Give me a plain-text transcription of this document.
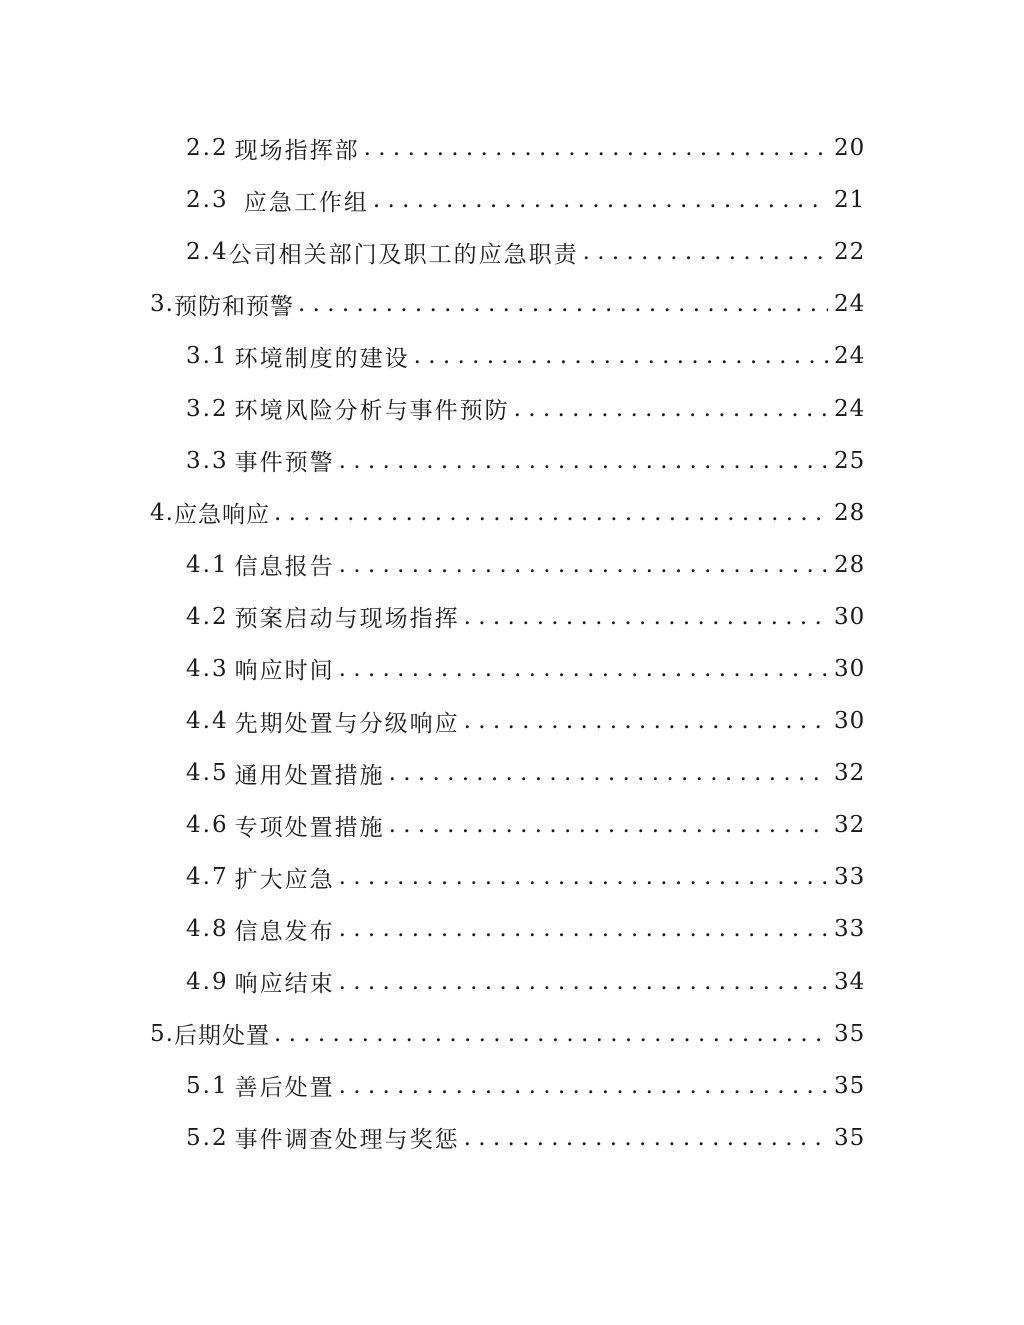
2.2 现场指挥部 . . .	20
2.3 应急工作组 . . .	21
2.4 公司相关部门及职工的应急职责 . . .	22
3. 预防和预警 . . .	24
3.1 环境制度的建设 . . .	24
3.2 环境风险分析与事件预防 . . .	24
3.3 事件预警 . . .	25
4. 应急响应 . . .	28
4.1 信息报告 . . .	28
4.2 预案启动与现场指挥 . . .	30
4.3 响应时间 . . .	30
4.4 先期处置与分级响应 . . .	30
4.5 通用处置措施 . . .	32
4.6 专项处置措施 . . .	32
4.7 扩大应急 . . .	33
4.8 信息发布 . . .	33
4.9 响应结束 . . .	34
5. 后期处置 . . .	35
5.1 善后处置 . . .	35
5.2 事件调查处理与奖惩 . . .	35
